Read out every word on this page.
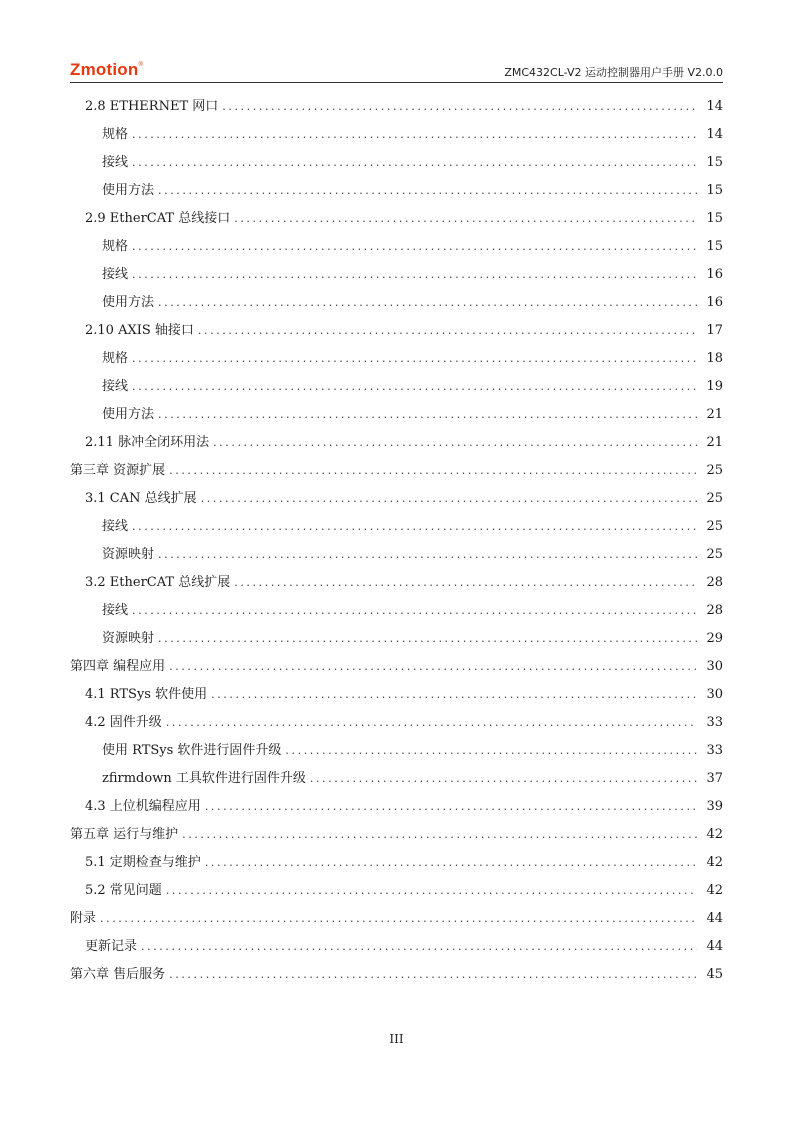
Zmotion®
ZMC432CL-V2 运动控制器用户手册 V2.0.0
2.8 ETHERNET 网口 .....	14
规格 .....	14
接线 .....	15
使用方法 .....	15
2.9 EtherCAT 总线接口 .....	15
规格 .....	15
接线 .....	16
使用方法 .....	16
2.10 AXIS 轴接口 .....	17
规格 .....	18
接线 .....	19
使用方法 .....	21
2.11 脉冲全闭环用法 .....	21
第三章 资源扩展 .....	25
3.1 CAN 总线扩展 .....	25
接线 .....	25
资源映射 .....	25
3.2 EtherCAT 总线扩展 .....	28
接线 .....	28
资源映射 .....	29
第四章 编程应用 .....	30
4.1 RTSys 软件使用 .....	30
4.2 固件升级 .....	33
使用 RTSys 软件进行固件升级 .....	33
zfirmdown 工具软件进行固件升级 .....	37
4.3 上位机编程应用 .....	39
第五章 运行与维护 .....	42
5.1 定期检查与维护 .....	42
5.2 常见问题 .....	42
附录 .....	44
更新记录 .....	44
第六章 售后服务 .....	45
III
